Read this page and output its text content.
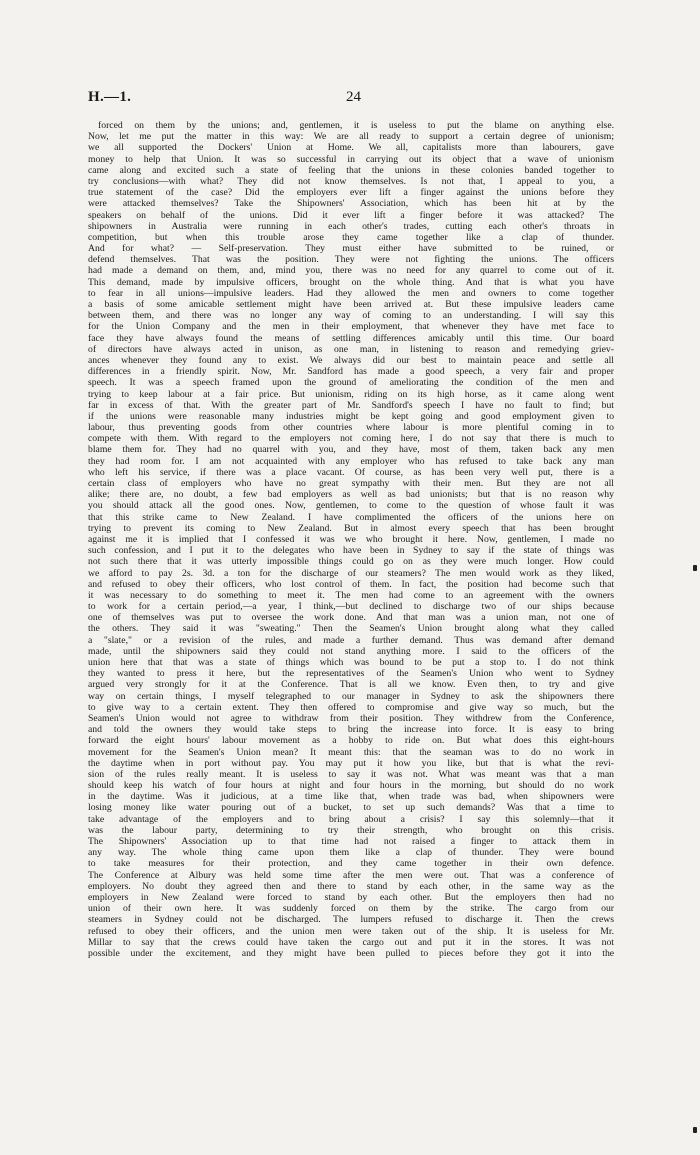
H.—1.	24
forced on them by the unions; and, gentlemen, it is useless to put the blame on anything else.
Now, let me put the matter in this way: We are all ready to support a certain degree of unionism;
we all supported the Dockers' Union at Home. We all, capitalists more than labourers, gave
money to help that Union. It was so successful in carrying out its object that a wave of unionism
came along and excited such a state of feeling that the unions in these colonies banded together to
try conclusions—with what? They did not know themselves. Is not that, I appeal to you, a
true statement of the case? Did the employers ever lift a finger against the unions before they
were attacked themselves? Take the Shipowners' Association, which has been hit at by the
speakers on behalf of the unions. Did it ever lift a finger before it was attacked? The
shipowners in Australia were running in each other's trades, cutting each other's throats in
competition, but when this trouble arose they came together like a clap of thunder.
And for what? — Self-preservation. They must either have submitted to be ruined, or
defend themselves. That was the position. They were not fighting the unions. The officers
had made a demand on them, and, mind you, there was no need for any quarrel to come out of it.
This demand, made by impulsive officers, brought on the whole thing. And that is what you have
to fear in all unions—impulsive leaders. Had they allowed the men and owners to come together
a basis of some amicable settlement might have been arrived at. But these impulsive leaders came
between them, and there was no longer any way of coming to an understanding. I will say this
for the Union Company and the men in their employment, that whenever they have met face to
face they have always found the means of settling differences amicably until this time. Our board
of directors have always acted in unison, as one man, in listening to reason and remedying griev-
ances whenever they found any to exist. We always did our best to maintain peace and settle all
differences in a friendly spirit. Now, Mr. Sandford has made a good speech, a very fair and proper
speech. It was a speech framed upon the ground of ameliorating the condition of the men and
trying to keep labour at a fair price. But unionism, riding on its high horse, as it came along went
far in excess of that. With the greater part of Mr. Sandford's speech I have no fault to find; but
if the unions were reasonable many industries might be kept going and good employment given to
labour, thus preventing goods from other countries where labour is more plentiful coming in to
compete with them. With regard to the employers not coming here, I do not say that there is much to
blame them for. They had no quarrel with you, and they have, most of them, taken back any men
they had room for. I am not acquainted with any employer who has refused to take back any man
who left his service, if there was a place vacant. Of course, as has been very well put, there is a
certain class of employers who have no great sympathy with their men. But they are not all
alike; there are, no doubt, a few bad employers as well as bad unionists; but that is no reason why
you should attack all the good ones. Now, gentlemen, to come to the question of whose fault it was
that this strike came to New Zealand. I have complimented the officers of the unions here on
trying to prevent its coming to New Zealand. But in almost every speech that has been brought
against me it is implied that I confessed it was we who brought it here. Now, gentlemen, I made no
such confession, and I put it to the delegates who have been in Sydney to say if the state of things was
not such there that it was utterly impossible things could go on as they were much longer. How could
we afford to pay 2s. 3d. a ton for the discharge of our steamers? The men would work as they liked,
and refused to obey their officers, who lost control of them. In fact, the position had become such that
it was necessary to do something to meet it. The men had come to an agreement with the owners
to work for a certain period,—a year, I think,—but declined to discharge two of our ships because
one of themselves was put to oversee the work done. And that man was a union man, not one of
the others. They said it was "sweating." Then the Seamen's Union brought along what they called
a "slate," or a revision of the rules, and made a further demand. Thus was demand after demand
made, until the shipowners said they could not stand anything more. I said to the officers of the
union here that that was a state of things which was bound to be put a stop to. I do not think
they wanted to press it here, but the representatives of the Seamen's Union who went to Sydney
argued very strongly for it at the Conference. That is all we know. Even then, to try and give
way on certain things, I myself telegraphed to our manager in Sydney to ask the shipowners there
to give way to a certain extent. They then offered to compromise and give way so much, but the
Seamen's Union would not agree to withdraw from their position. They withdrew from the Conference,
and told the owners they would take steps to bring the increase into force. It is easy to bring
forward the eight hours' labour movement as a hobby to ride on. But what does this eight-hours
movement for the Seamen's Union mean? It meant this: that the seaman was to do no work in
the daytime when in port without pay. You may put it how you like, but that is what the revi-
sion of the rules really meant. It is useless to say it was not. What was meant was that a man
should keep his watch of four hours at night and four hours in the morning, but should do no work
in the daytime. Was it judicious, at a time like that, when trade was bad, when shipowners were
losing money like water pouring out of a bucket, to set up such demands? Was that a time to
take advantage of the employers and to bring about a crisis? I say this solemnly—that it
was the labour party, determining to try their strength, who brought on this crisis.
The Shipowners' Association up to that time had not raised a finger to attack them in
any way. The whole thing came upon them like a clap of thunder. They were bound
to take measures for their protection, and they came together in their own defence.
The Conference at Albury was held some time after the men were out. That was a conference of
employers. No doubt they agreed then and there to stand by each other, in the same way as the
employers in New Zealand were forced to stand by each other. But the employers then had no
union of their own here. It was suddenly forced on them by the strike. The cargo from our
steamers in Sydney could not be discharged. The lumpers refused to discharge it. Then the crews
refused to obey their officers, and the union men were taken out of the ship. It is useless for Mr.
Millar to say that the crews could have taken the cargo out and put it in the stores. It was not
possible under the excitement, and they might have been pulled to pieces before they got it into the
